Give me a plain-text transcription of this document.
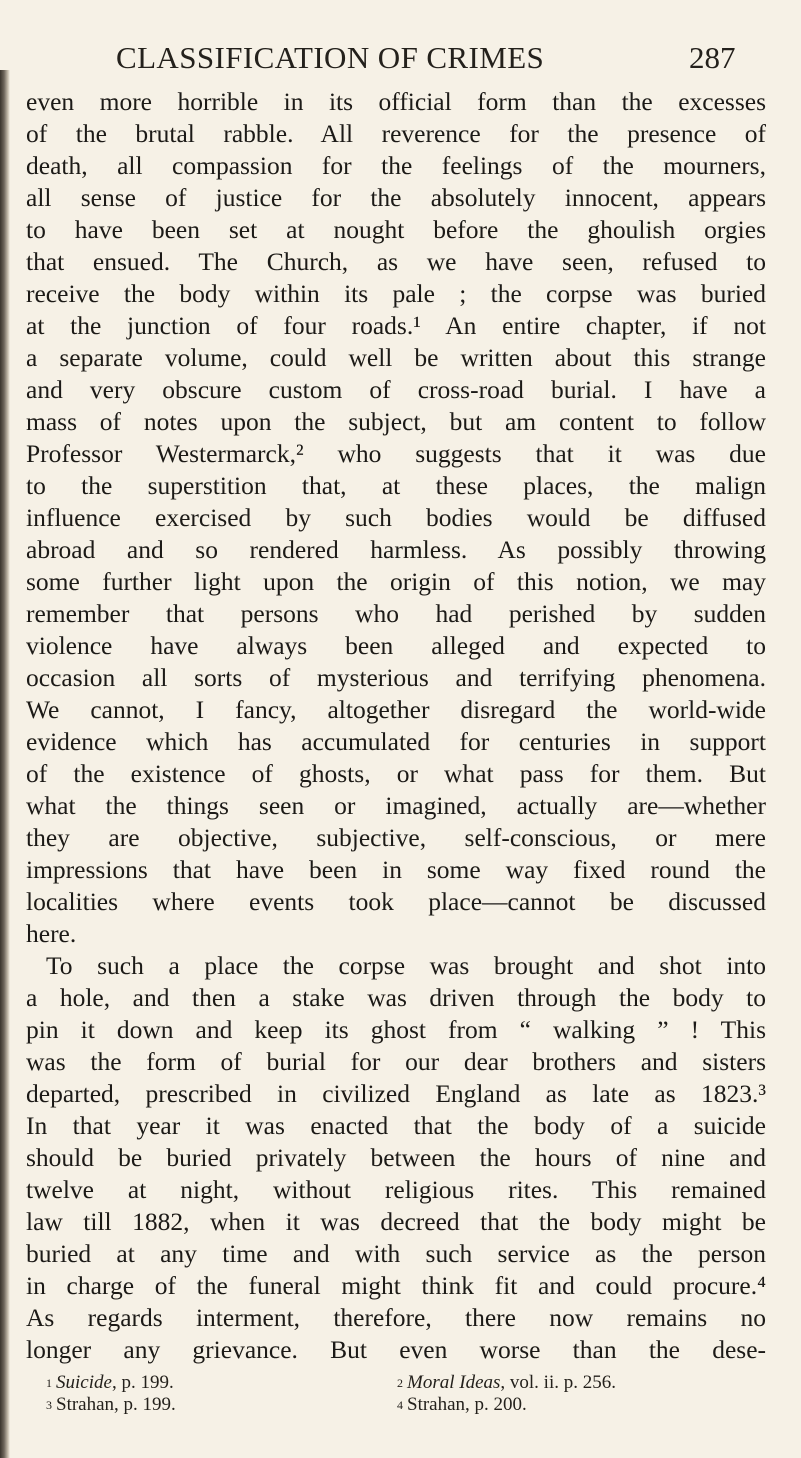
CLASSIFICATION OF CRIMES	287
even more horrible in its official form than the excesses
of the brutal rabble. All reverence for the presence of
death, all compassion for the feelings of the mourners,
all sense of justice for the absolutely innocent, appears
to have been set at nought before the ghoulish orgies
that ensued. The Church, as we have seen, refused to
receive the body within its pale ; the corpse was buried
at the junction of four roads.¹ An entire chapter, if not
a separate volume, could well be written about this strange
and very obscure custom of cross-road burial. I have a
mass of notes upon the subject, but am content to follow
Professor Westermarck,² who suggests that it was due
to the superstition that, at these places, the malign
influence exercised by such bodies would be diffused
abroad and so rendered harmless. As possibly throwing
some further light upon the origin of this notion, we may
remember that persons who had perished by sudden
violence have always been alleged and expected to
occasion all sorts of mysterious and terrifying phenomena.
We cannot, I fancy, altogether disregard the world-wide
evidence which has accumulated for centuries in support
of the existence of ghosts, or what pass for them. But
what the things seen or imagined, actually are—whether
they are objective, subjective, self-conscious, or mere
impressions that have been in some way fixed round the
localities where events took place—cannot be discussed
here.
To such a place the corpse was brought and shot into
a hole, and then a stake was driven through the body to
pin it down and keep its ghost from “ walking ” ! This
was the form of burial for our dear brothers and sisters
departed, prescribed in civilized England as late as 1823.³
In that year it was enacted that the body of a suicide
should be buried privately between the hours of nine and
twelve at night, without religious rites. This remained
law till 1882, when it was decreed that the body might be
buried at any time and with such service as the person
in charge of the funeral might think fit and could procure.⁴
As regards interment, therefore, there now remains no
longer any grievance. But even worse than the dese-
$^1$ Suicide, p. 199.	$^2$ Moral Ideas, vol. ii. p. 256.
$^3$ Strahan, p. 199.	$^4$ Strahan, p. 200.
